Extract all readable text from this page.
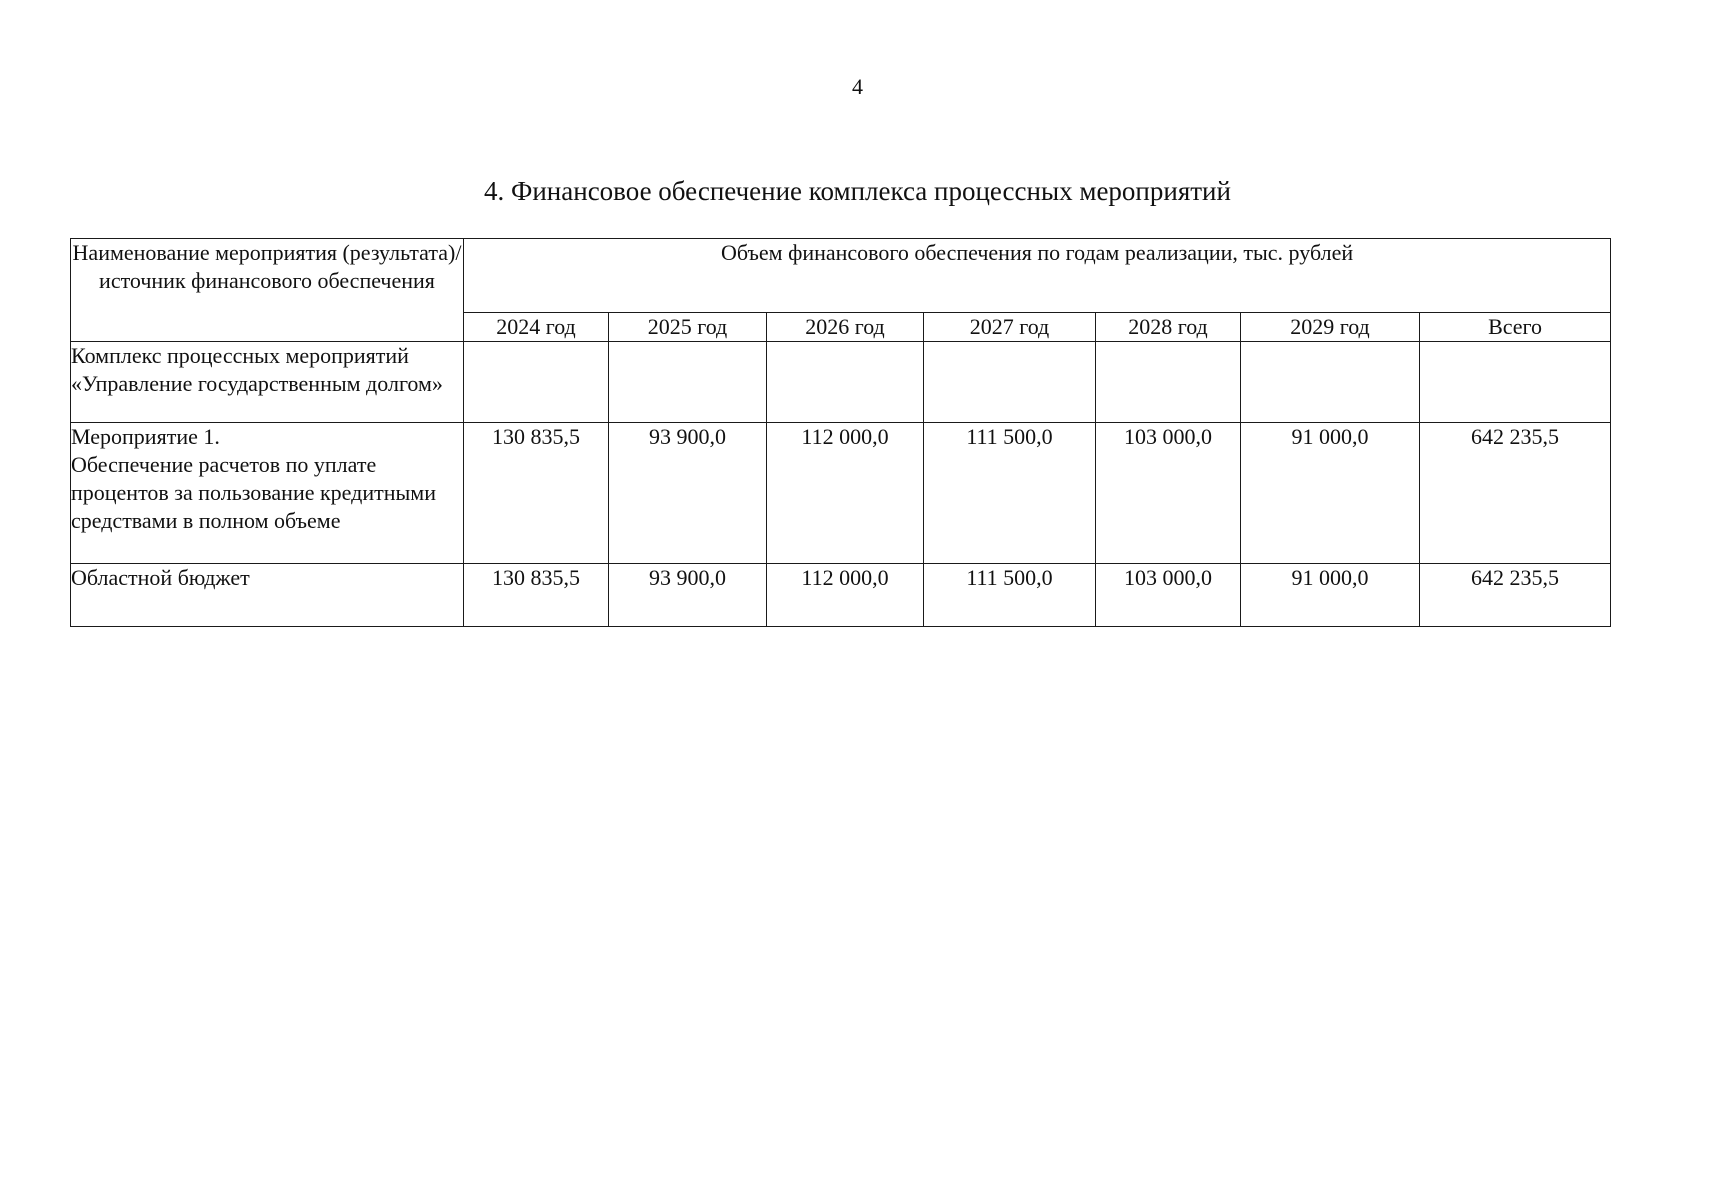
4
4. Финансовое обеспечение комплекса процессных мероприятий
Наименование мероприятия (результата)/источник финансового обеспечения	Объем финансового обеспечения по годам реализации, тыс. рублей						
	2024 год	2025 год	2026 год	2027 год	2028 год	2029 год	Всего
Комплекс процессных мероприятий «Управление государственным долгом»							

Мероприятие 1.
Обеспечение расчетов по уплате процентов за пользование кредитными средствами в полном объеме	130 835,5	93 900,0	112 000,0	111 500,0	103 000,0	91 000,0	642 235,5
Областной бюджет	130 835,5	93 900,0	112 000,0	111 500,0	103 000,0	91 000,0	642 235,5
